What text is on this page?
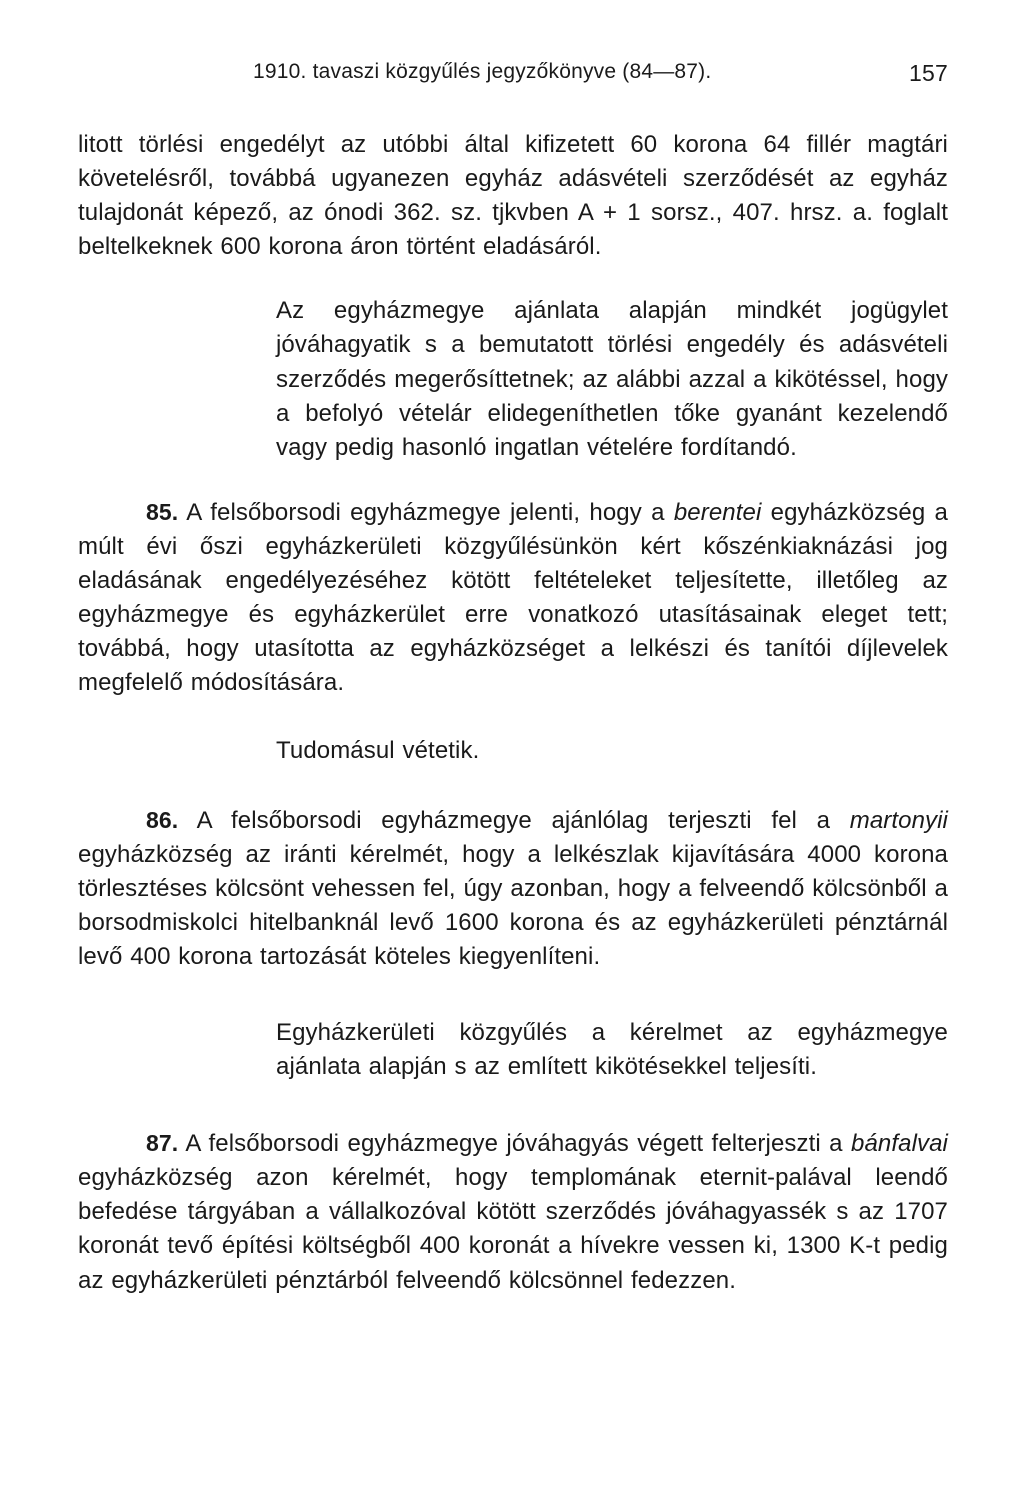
1910. tavaszi közgyűlés jegyzőkönyve (84—87).	157

litott törlési engedélyt az utóbbi által kifizetett 60 korona 64 fillér magtári követelésről, továbbá ugyanezen egyház adásvételi szerződését az egyház tulajdonát képező, az ónodi 362. sz. tjkvben A + 1 sorsz., 407. hrsz. a. foglalt beltelkeknek 600 korona áron történt eladásáról.

Az egyházmegye ajánlata alapján mindkét jogügylet jóváhagyatik s a bemutatott törlési engedély és adásvételi szerződés megerősíttetnek; az alábbi azzal a kikötéssel, hogy a befolyó vételár elidegeníthetlen tőke gyanánt kezelendő vagy pedig hasonló ingatlan vételére fordítandó.

85. A felsőborsodi egyházmegye jelenti, hogy a berentei egyházközség a múlt évi őszi egyházkerületi közgyűlésünkön kért kőszénkiaknázási jog eladásának engedélyezéséhez kötött feltételeket teljesítette, illetőleg az egyházmegye és egyházkerület erre vonatkozó utasításainak eleget tett; továbbá, hogy utasította az egyházközséget a lelkészi és tanítói díjlevelek megfelelő módosítására.

Tudomásul vétetik.

86. A felsőborsodi egyházmegye ajánlólag terjeszti fel a martonyii egyházközség az iránti kérelmét, hogy a lelkészlak kijavítására 4000 korona törlesztéses kölcsönt vehessen fel, úgy azonban, hogy a felveendő kölcsönből a borsodmiskolci hitelbanknál levő 1600 korona és az egyházkerületi pénztárnál levő 400 korona tartozását köteles kiegyenlíteni.

Egyházkerületi közgyűlés a kérelmet az egyházmegye ajánlata alapján s az említett kikötésekkel teljesíti.

87. A felsőborsodi egyházmegye jóváhagyás végett felterjeszti a bánfalvai egyházközség azon kérelmét, hogy templomának eternit-palával leendő befedése tárgyában a vállalkozóval kötött szerződés jóváhagyassék s az 1707 koronát tevő építési költségből 400 koronát a hívekre vessen ki, 1300 K-t pedig az egyházkerületi pénztárból felveendő kölcsönnel fedezzen.
